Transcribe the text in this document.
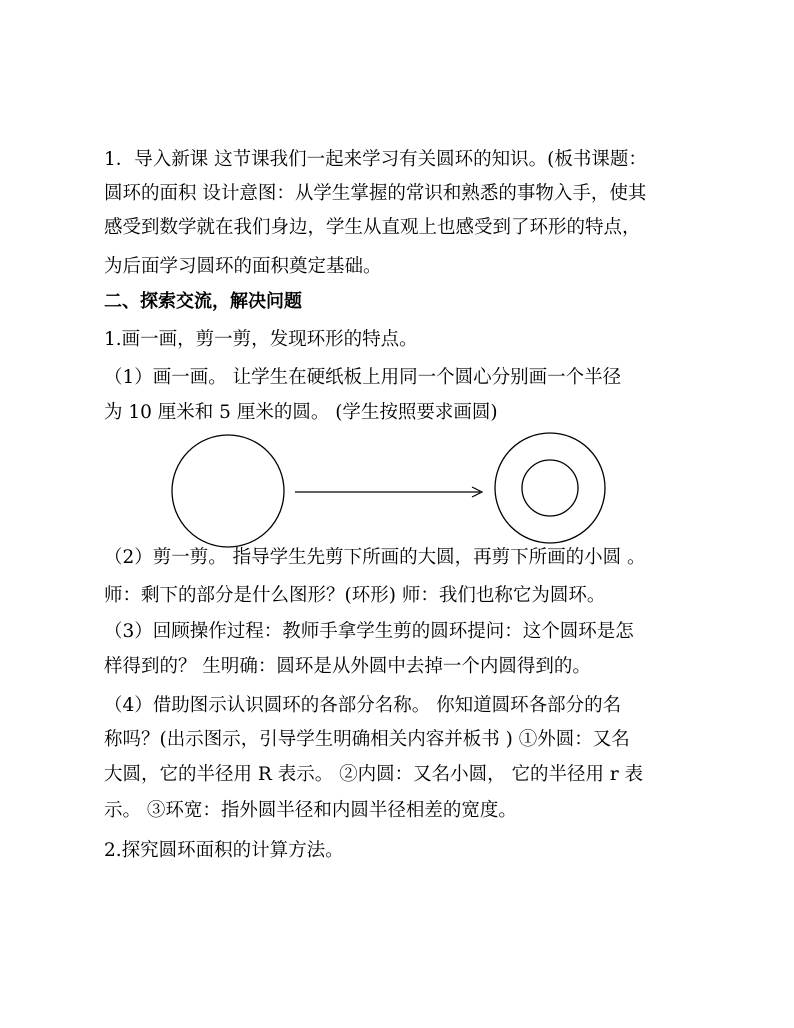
1．导入新课 这节课我们一起来学习有关圆环的知识。(板书课题：
圆环的面积 设计意图：从学生掌握的常识和熟悉的事物入手，使其
感受到数学就在我们身边，学生从直观上也感受到了环形的特点，
为后面学习圆环的面积奠定基础。
二、探索交流，解决问题
1.画一画，剪一剪，发现环形的特点。
（1）画一画。 让学生在硬纸板上用同一个圆心分别画一个半径
为 10 厘米和 5 厘米的圆。 (学生按照要求画圆)
（2）剪一剪。 指导学生先剪下所画的大圆，再剪下所画的小圆 。
师：剩下的部分是什么图形？(环形) 师：我们也称它为圆环。
（3）回顾操作过程：教师手拿学生剪的圆环提问：这个圆环是怎
样得到的？ 生明确：圆环是从外圆中去掉一个内圆得到的。
（4）借助图示认识圆环的各部分名称。 你知道圆环各部分的名
称吗？(出示图示，引导学生明确相关内容并板书 ) ①外圆：又名
大圆，它的半径用 R 表示。 ②内圆：又名小圆， 它的半径用 r 表
示。 ③环宽：指外圆半径和内圆半径相差的宽度。
2.探究圆环面积的计算方法。
